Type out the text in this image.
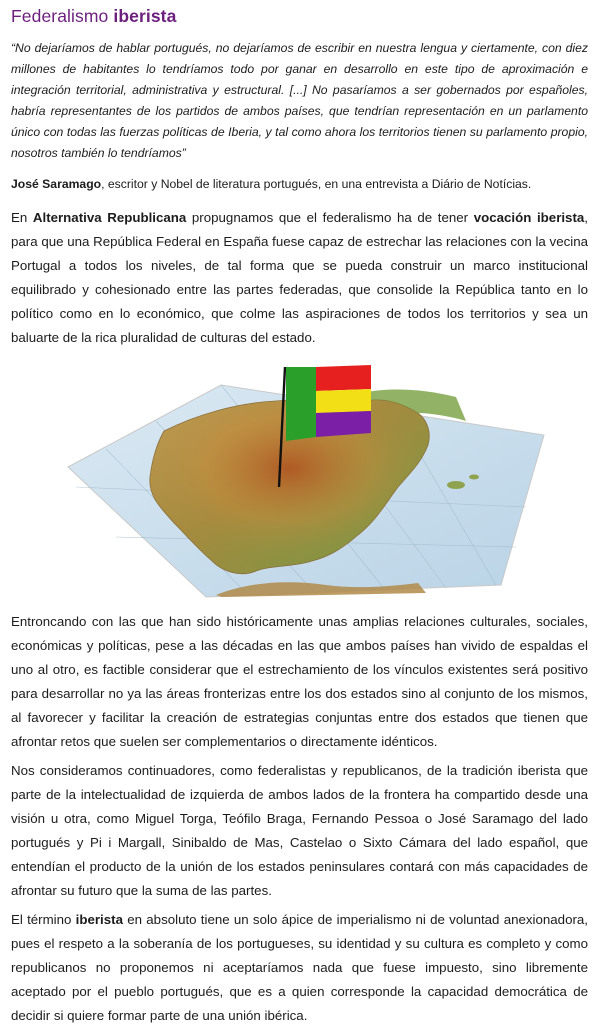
Federalismo iberista
“No dejaríamos de hablar portugués, no dejaríamos de escribir en nuestra lengua y ciertamente, con diez millones de habitantes lo tendríamos todo por ganar en desarrollo en este tipo de aproximación e integración territorial, administrativa y estructural. [...] No pasaríamos a ser gobernados por españoles, habría representantes de los partidos de ambos países, que tendrían representación en un parlamento único con todas las fuerzas políticas de Iberia, y tal como ahora los territorios tienen su parlamento propio, nosotros también lo tendríamos”
José Saramago, escritor y Nobel de literatura portugués, en una entrevista a Diário de Notícias.
En Alternativa Republicana propugnamos que el federalismo ha de tener vocación iberista, para que una República Federal en España fuese capaz de estrechar las relaciones con la vecina Portugal a todos los niveles, de tal forma que se pueda construir un marco institucional equilibrado y cohesionado entre las partes federadas, que consolide la República tanto en lo político como en lo económico, que colme las aspiraciones de todos los territorios y sea un baluarte de la rica pluralidad de culturas del estado.
Entroncando con las que han sido históricamente unas amplias relaciones culturales, sociales, económicas y políticas, pese a las décadas en las que ambos países han vivido de espaldas el uno al otro, es factible considerar que el estrechamiento de los vínculos existentes será positivo para desarrollar no ya las áreas fronterizas entre los dos estados sino al conjunto de los mismos, al favorecer y facilitar la creación de estrategias conjuntas entre dos estados que tienen que afrontar retos que suelen ser complementarios o directamente idénticos.
Nos consideramos continuadores, como federalistas y republicanos, de la tradición iberista que parte de la intelectualidad de izquierda de ambos lados de la frontera ha compartido desde una visión u otra, como Miguel Torga, Teófilo Braga, Fernando Pessoa o José Saramago del lado portugués y Pi i Margall, Sinibaldo de Mas, Castelao o Sixto Cámara del lado español, que entendían el producto de la unión de los estados peninsulares contará con más capacidades de afrontar su futuro que la suma de las partes.
El término iberista en absoluto tiene un solo ápice de imperialismo ni de voluntad anexionadora, pues el respeto a la soberanía de los portugueses, su identidad y su cultura es completo y como republicanos no proponemos ni aceptaríamos nada que fuese impuesto, sino libremente aceptado por el pueblo portugués, que es a quien corresponde la capacidad democrática de decidir si quiere formar parte de una unión ibérica.
